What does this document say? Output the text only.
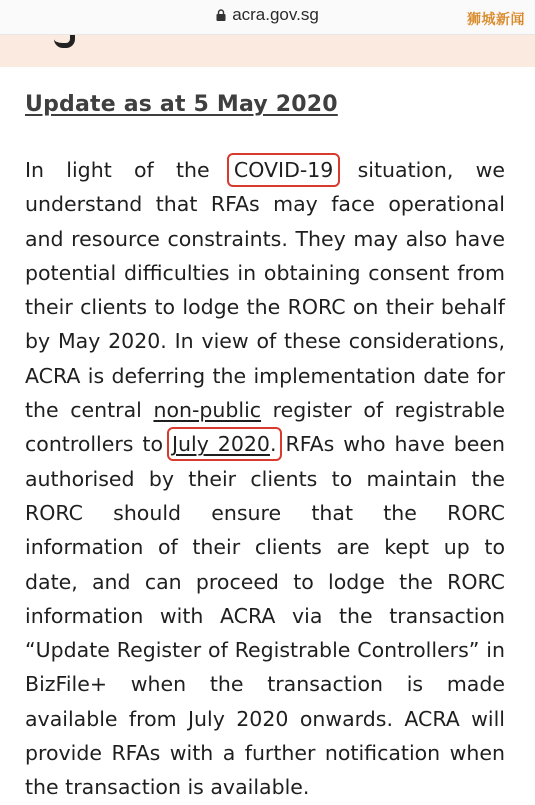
acra.gov.sg	狮城新闻
Update as at 5 May 2020

In light of the COVID-19 situation, we understand that RFAs may face operational and resource constraints. They may also have potential difficulties in obtaining consent from their clients to lodge the RORC on their behalf by May 2020. In view of these considerations, ACRA is deferring the implementation date for the central non-public register of registrable controllers to July 2020. RFAs who have been authorised by their clients to maintain the RORC should ensure that the RORC information of their clients are kept up to date, and can proceed to lodge the RORC information with ACRA via the transaction “Update Register of Registrable Controllers” in BizFile+ when the transaction is made available from July 2020 onwards. ACRA will provide RFAs with a further notification when the transaction is available.
